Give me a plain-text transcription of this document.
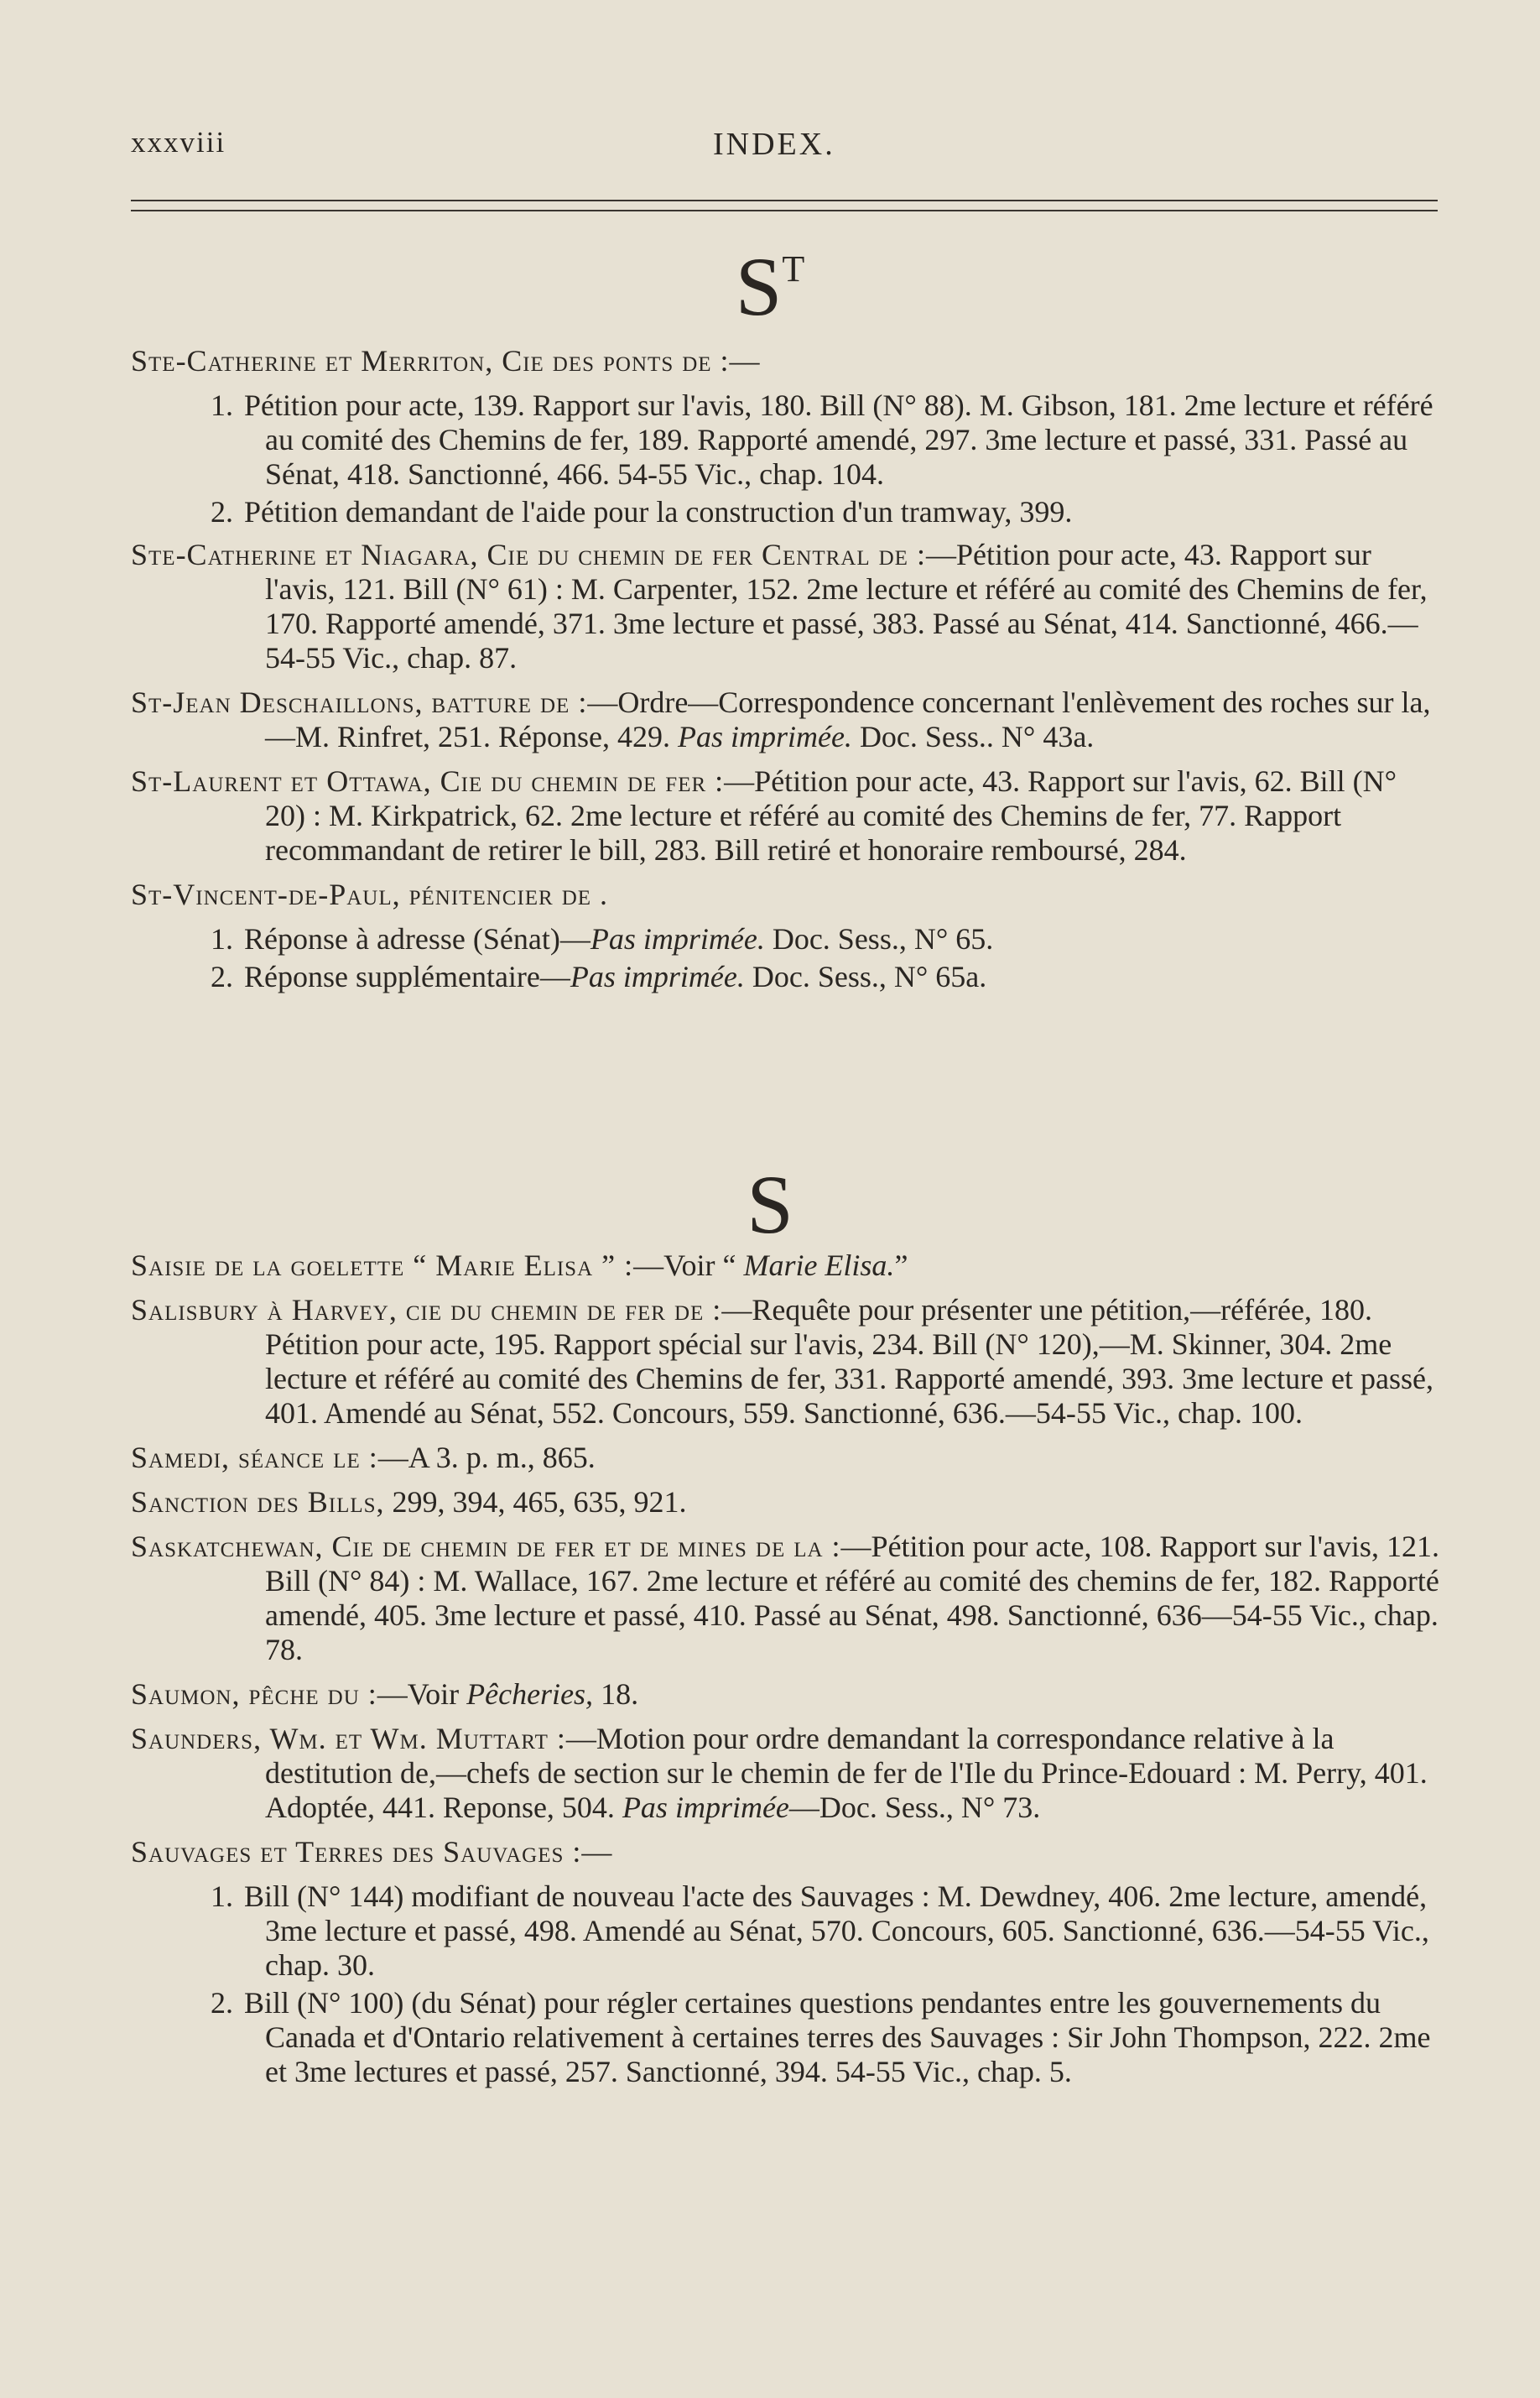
xxxviii	INDEX.
$S^T$
Ste-Catherine et Merriton, Cie des ponts de :—
1. Pétition pour acte, 139. Rapport sur l'avis, 180. Bill (N° 88). M. Gibson, 181. 2me lecture et référé au comité des Chemins de fer, 189. Rapporté amendé, 297. 3me lecture et passé, 331. Passé au Sénat, 418. Sanctionné, 466. 54-55 Vic., chap. 104.
2. Pétition demandant de l'aide pour la construction d'un tramway, 399.
Ste-Catherine et Niagara, Cie du chemin de fer Central de :—Pétition pour acte, 43. Rapport sur l'avis, 121. Bill (N° 61) : M. Carpenter, 152. 2me lecture et référé au comité des Chemins de fer, 170. Rapporté amendé, 371. 3me lecture et passé, 383. Passé au Sénat, 414. Sanctionné, 466.—54-55 Vic., chap. 87.
St-Jean Deschaillons, batture de :—Ordre—Correspondence concernant l'enlèvement des roches sur la,—M. Rinfret, 251. Réponse, 429. Pas imprimée. Doc. Sess.. N° 43a.
St-Laurent et Ottawa, Cie du chemin de fer :—Pétition pour acte, 43. Rapport sur l'avis, 62. Bill (N° 20) : M. Kirkpatrick, 62. 2me lecture et référé au comité des Chemins de fer, 77. Rapport recommandant de retirer le bill, 283. Bill retiré et honoraire remboursé, 284.
St-Vincent-de-Paul, pénitencier de .
1. Réponse à adresse (Sénat)—Pas imprimée. Doc. Sess., N° 65.
2. Réponse supplémentaire—Pas imprimée. Doc. Sess., N° 65a.
S
Saisie de la goelette “ Marie Elisa ” :—Voir “ Marie Elisa.”
Salisbury à Harvey, cie du chemin de fer de :—Requête pour présenter une pétition,—référée, 180. Pétition pour acte, 195. Rapport spécial sur l'avis, 234. Bill (N° 120),—M. Skinner, 304. 2me lecture et référé au comité des Chemins de fer, 331. Rapporté amendé, 393. 3me lecture et passé, 401. Amendé au Sénat, 552. Concours, 559. Sanctionné, 636.—54-55 Vic., chap. 100.
Samedi, séance le :—A 3. p. m., 865.
Sanction des Bills, 299, 394, 465, 635, 921.
Saskatchewan, Cie de chemin de fer et de mines de la :—Pétition pour acte, 108. Rapport sur l'avis, 121. Bill (N° 84) : M. Wallace, 167. 2me lecture et référé au comité des chemins de fer, 182. Rapporté amendé, 405. 3me lecture et passé, 410. Passé au Sénat, 498. Sanctionné, 636—54-55 Vic., chap. 78.
Saumon, pêche du :—Voir Pêcheries, 18.
Saunders, Wm. et Wm. Muttart :—Motion pour ordre demandant la correspondance relative à la destitution de,—chefs de section sur le chemin de fer de l'Ile du Prince-Edouard : M. Perry, 401. Adoptée, 441. Reponse, 504. Pas imprimée—Doc. Sess., N° 73.
Sauvages et Terres des Sauvages :—
1. Bill (N° 144) modifiant de nouveau l'acte des Sauvages : M. Dewdney, 406. 2me lecture, amendé, 3me lecture et passé, 498. Amendé au Sénat, 570. Concours, 605. Sanctionné, 636.—54-55 Vic., chap. 30.
2. Bill (N° 100) (du Sénat) pour régler certaines questions pendantes entre les gouvernements du Canada et d'Ontario relativement à certaines terres des Sauvages : Sir John Thompson, 222. 2me et 3me lectures et passé, 257. Sanctionné, 394. 54-55 Vic., chap. 5.
